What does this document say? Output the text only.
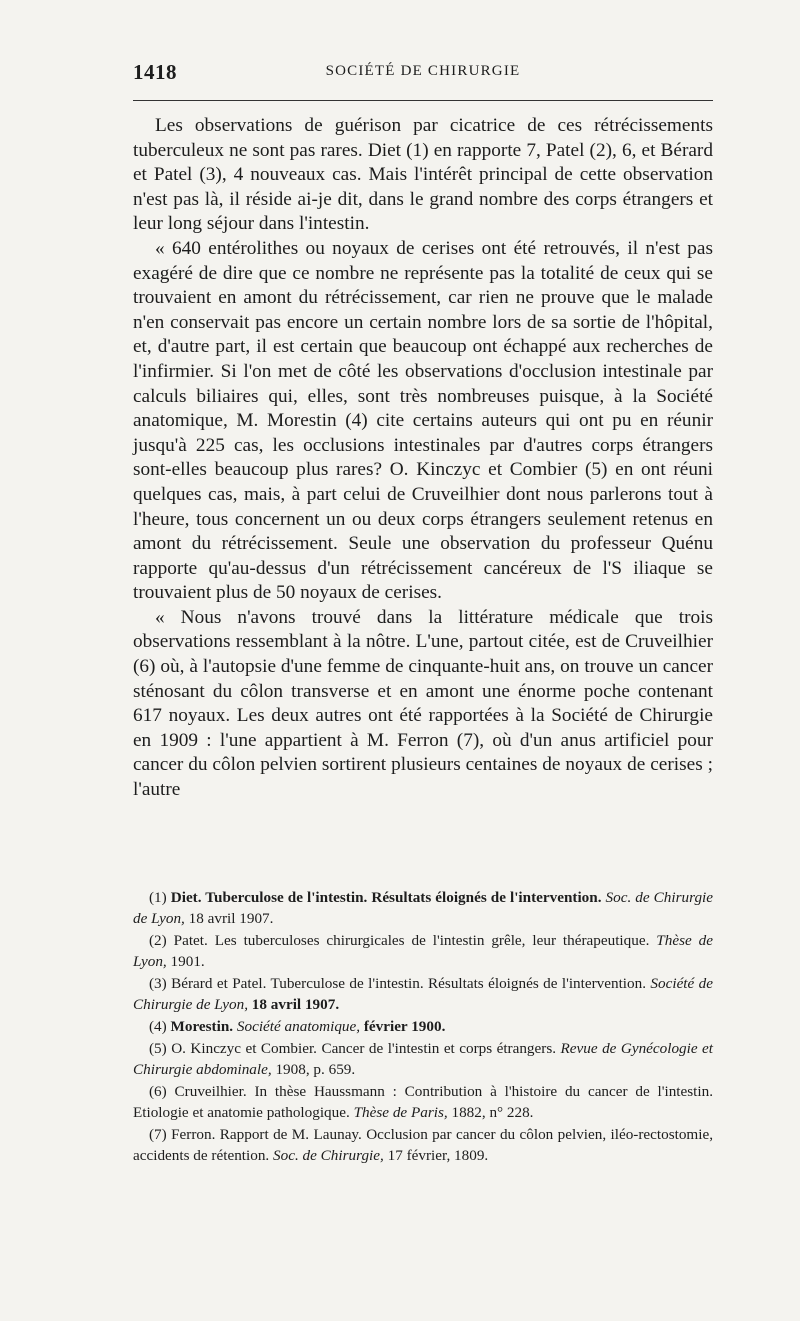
1418	SOCIÉTÉ DE CHIRURGIE

Les observations de guérison par cicatrice de ces rétrécissements tuberculeux ne sont pas rares. Diet (1) en rapporte 7, Patel (2), 6, et Bérard et Patel (3), 4 nouveaux cas. Mais l'intérêt principal de cette observation n'est pas là, il réside ai-je dit, dans le grand nombre des corps étrangers et leur long séjour dans l'intestin.

« 640 entérolithes ou noyaux de cerises ont été retrouvés, il n'est pas exagéré de dire que ce nombre ne représente pas la totalité de ceux qui se trouvaient en amont du rétrécissement, car rien ne prouve que le malade n'en conservait pas encore un certain nombre lors de sa sortie de l'hôpital, et, d'autre part, il est certain que beaucoup ont échappé aux recherches de l'infirmier. Si l'on met de côté les observations d'occlusion intestinale par calculs biliaires qui, elles, sont très nombreuses puisque, à la Société anatomique, M. Morestin (4) cite certains auteurs qui ont pu en réunir jusqu'à 225 cas, les occlusions intestinales par d'autres corps étrangers sont-elles beaucoup plus rares? O. Kinczyc et Combier (5) en ont réuni quelques cas, mais, à part celui de Cruveilhier dont nous parlerons tout à l'heure, tous concernent un ou deux corps étrangers seulement retenus en amont du rétrécissement. Seule une observation du professeur Quénu rapporte qu'au-dessus d'un rétrécissement cancéreux de l'S iliaque se trouvaient plus de 50 noyaux de cerises.

« Nous n'avons trouvé dans la littérature médicale que trois observations ressemblant à la nôtre. L'une, partout citée, est de Cruveilhier (6) où, à l'autopsie d'une femme de cinquante-huit ans, on trouve un cancer sténosant du côlon transverse et en amont une énorme poche contenant 617 noyaux. Les deux autres ont été rapportées à la Société de Chirurgie en 1909 : l'une appartient à M. Ferron (7), où d'un anus artificiel pour cancer du côlon pelvien sortirent plusieurs centaines de noyaux de cerises ; l'autre

(1) Diet. Tuberculose de l'intestin. Résultats éloignés de l'intervention. Soc. de Chirurgie de Lyon, 18 avril 1907.

(2) Patet. Les tuberculoses chirurgicales de l'intestin grêle, leur thérapeutique. Thèse de Lyon, 1901.

(3) Bérard et Patel. Tuberculose de l'intestin. Résultats éloignés de l'intervention. Société de Chirurgie de Lyon, 18 avril 1907.

(4) Morestin. Société anatomique, février 1900.

(5) O. Kinczyc et Combier. Cancer de l'intestin et corps étrangers. Revue de Gynécologie et Chirurgie abdominale, 1908, p. 659.

(6) Cruveilhier. In thèse Haussmann : Contribution à l'histoire du cancer de l'intestin. Etiologie et anatomie pathologique. Thèse de Paris, 1882, n° 228.

(7) Ferron. Rapport de M. Launay. Occlusion par cancer du côlon pelvien, iléo-rectostomie, accidents de rétention. Soc. de Chirurgie, 17 février, 1809.
